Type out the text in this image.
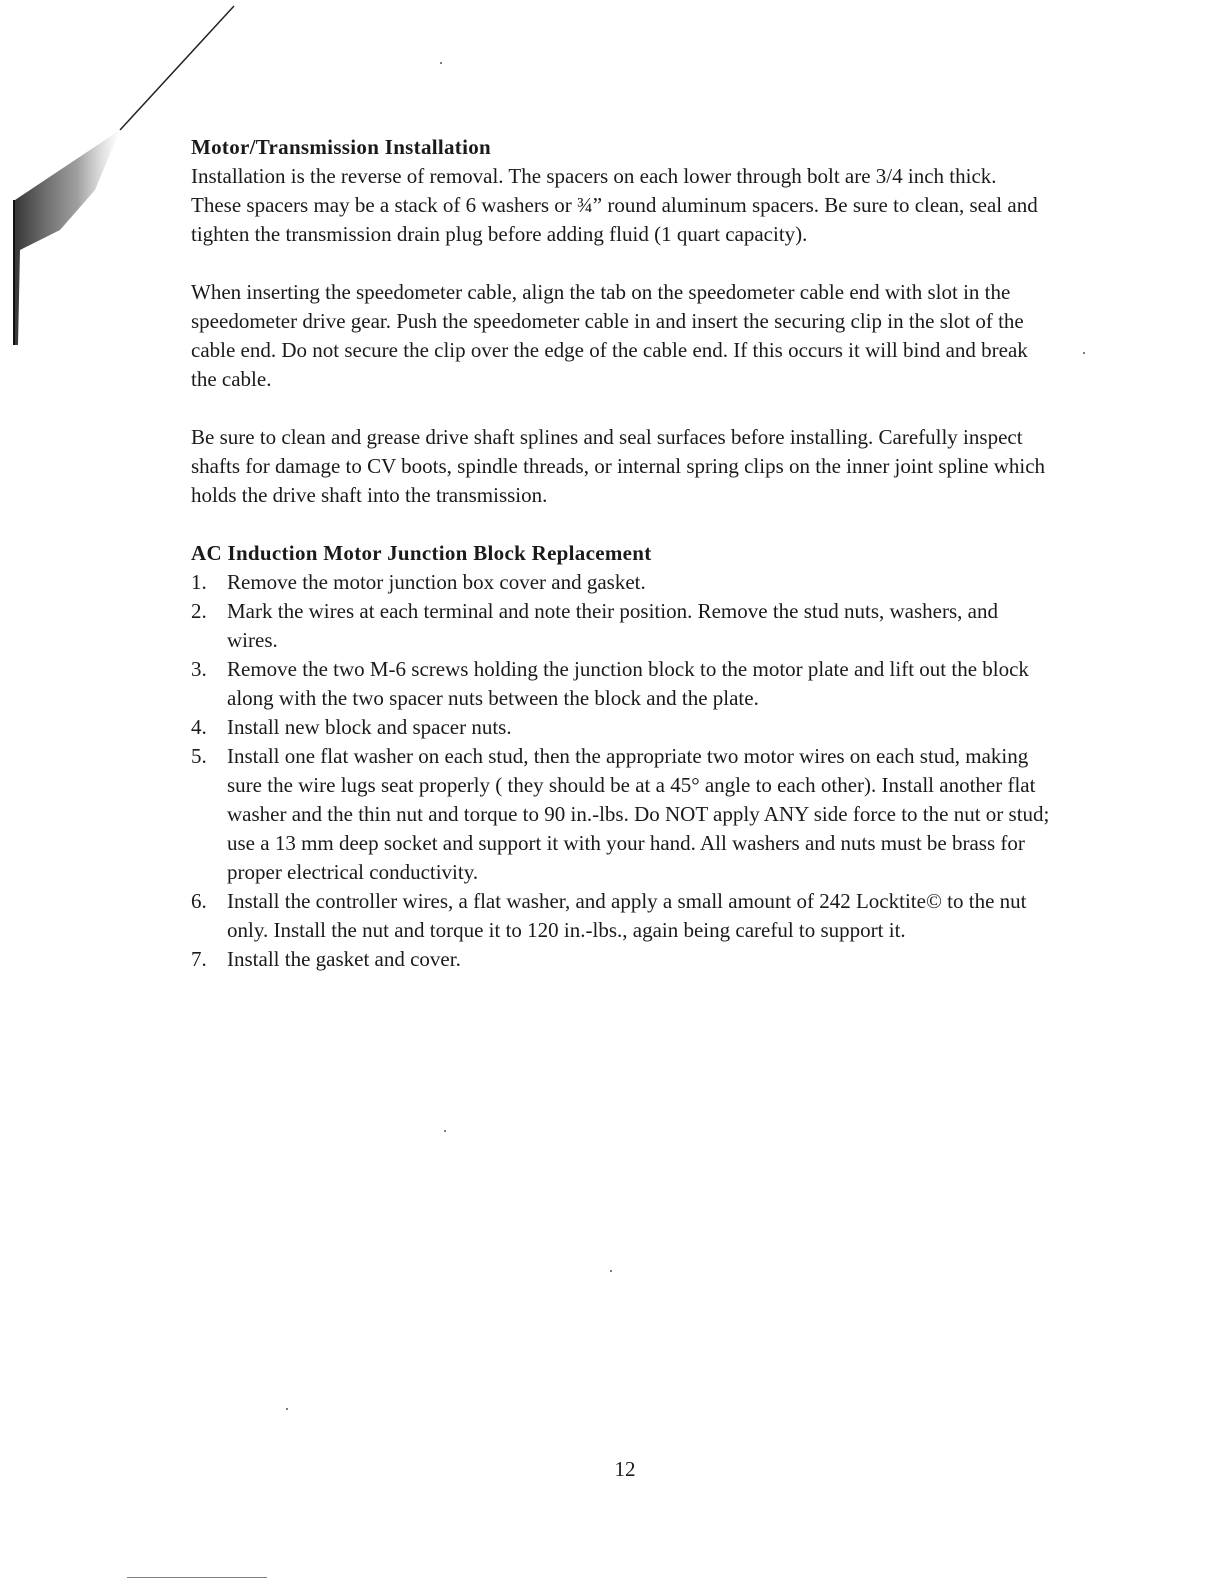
Motor/Transmission Installation

Installation is the reverse of removal. The spacers on each lower through bolt are 3/4 inch thick. These spacers may be a stack of 6 washers or ¾” round aluminum spacers. Be sure to clean, seal and tighten the transmission drain plug before adding fluid (1 quart capacity).

When inserting the speedometer cable, align the tab on the speedometer cable end with slot in the speedometer drive gear. Push the speedometer cable in and insert the securing clip in the slot of the cable end. Do not secure the clip over the edge of the cable end. If this occurs it will bind and break the cable.

Be sure to clean and grease drive shaft splines and seal surfaces before installing. Carefully inspect shafts for damage to CV boots, spindle threads, or internal spring clips on the inner joint spline which holds the drive shaft into the transmission.

AC Induction Motor Junction Block Replacement
1. Remove the motor junction box cover and gasket.
2. Mark the wires at each terminal and note their position. Remove the stud nuts, washers, and wires.
3. Remove the two M-6 screws holding the junction block to the motor plate and lift out the block along with the two spacer nuts between the block and the plate.
4. Install new block and spacer nuts.
5. Install one flat washer on each stud, then the appropriate two motor wires on each stud, making sure the wire lugs seat properly ( they should be at a 45° angle to each other). Install another flat washer and the thin nut and torque to 90 in.-lbs. Do NOT apply ANY side force to the nut or stud; use a 13 mm deep socket and support it with your hand. All washers and nuts must be brass for proper electrical conductivity.
6. Install the controller wires, a flat washer, and apply a small amount of 242 Locktite© to the nut only. Install the nut and torque it to 120 in.-lbs., again being careful to support it.
7. Install the gasket and cover.
12
